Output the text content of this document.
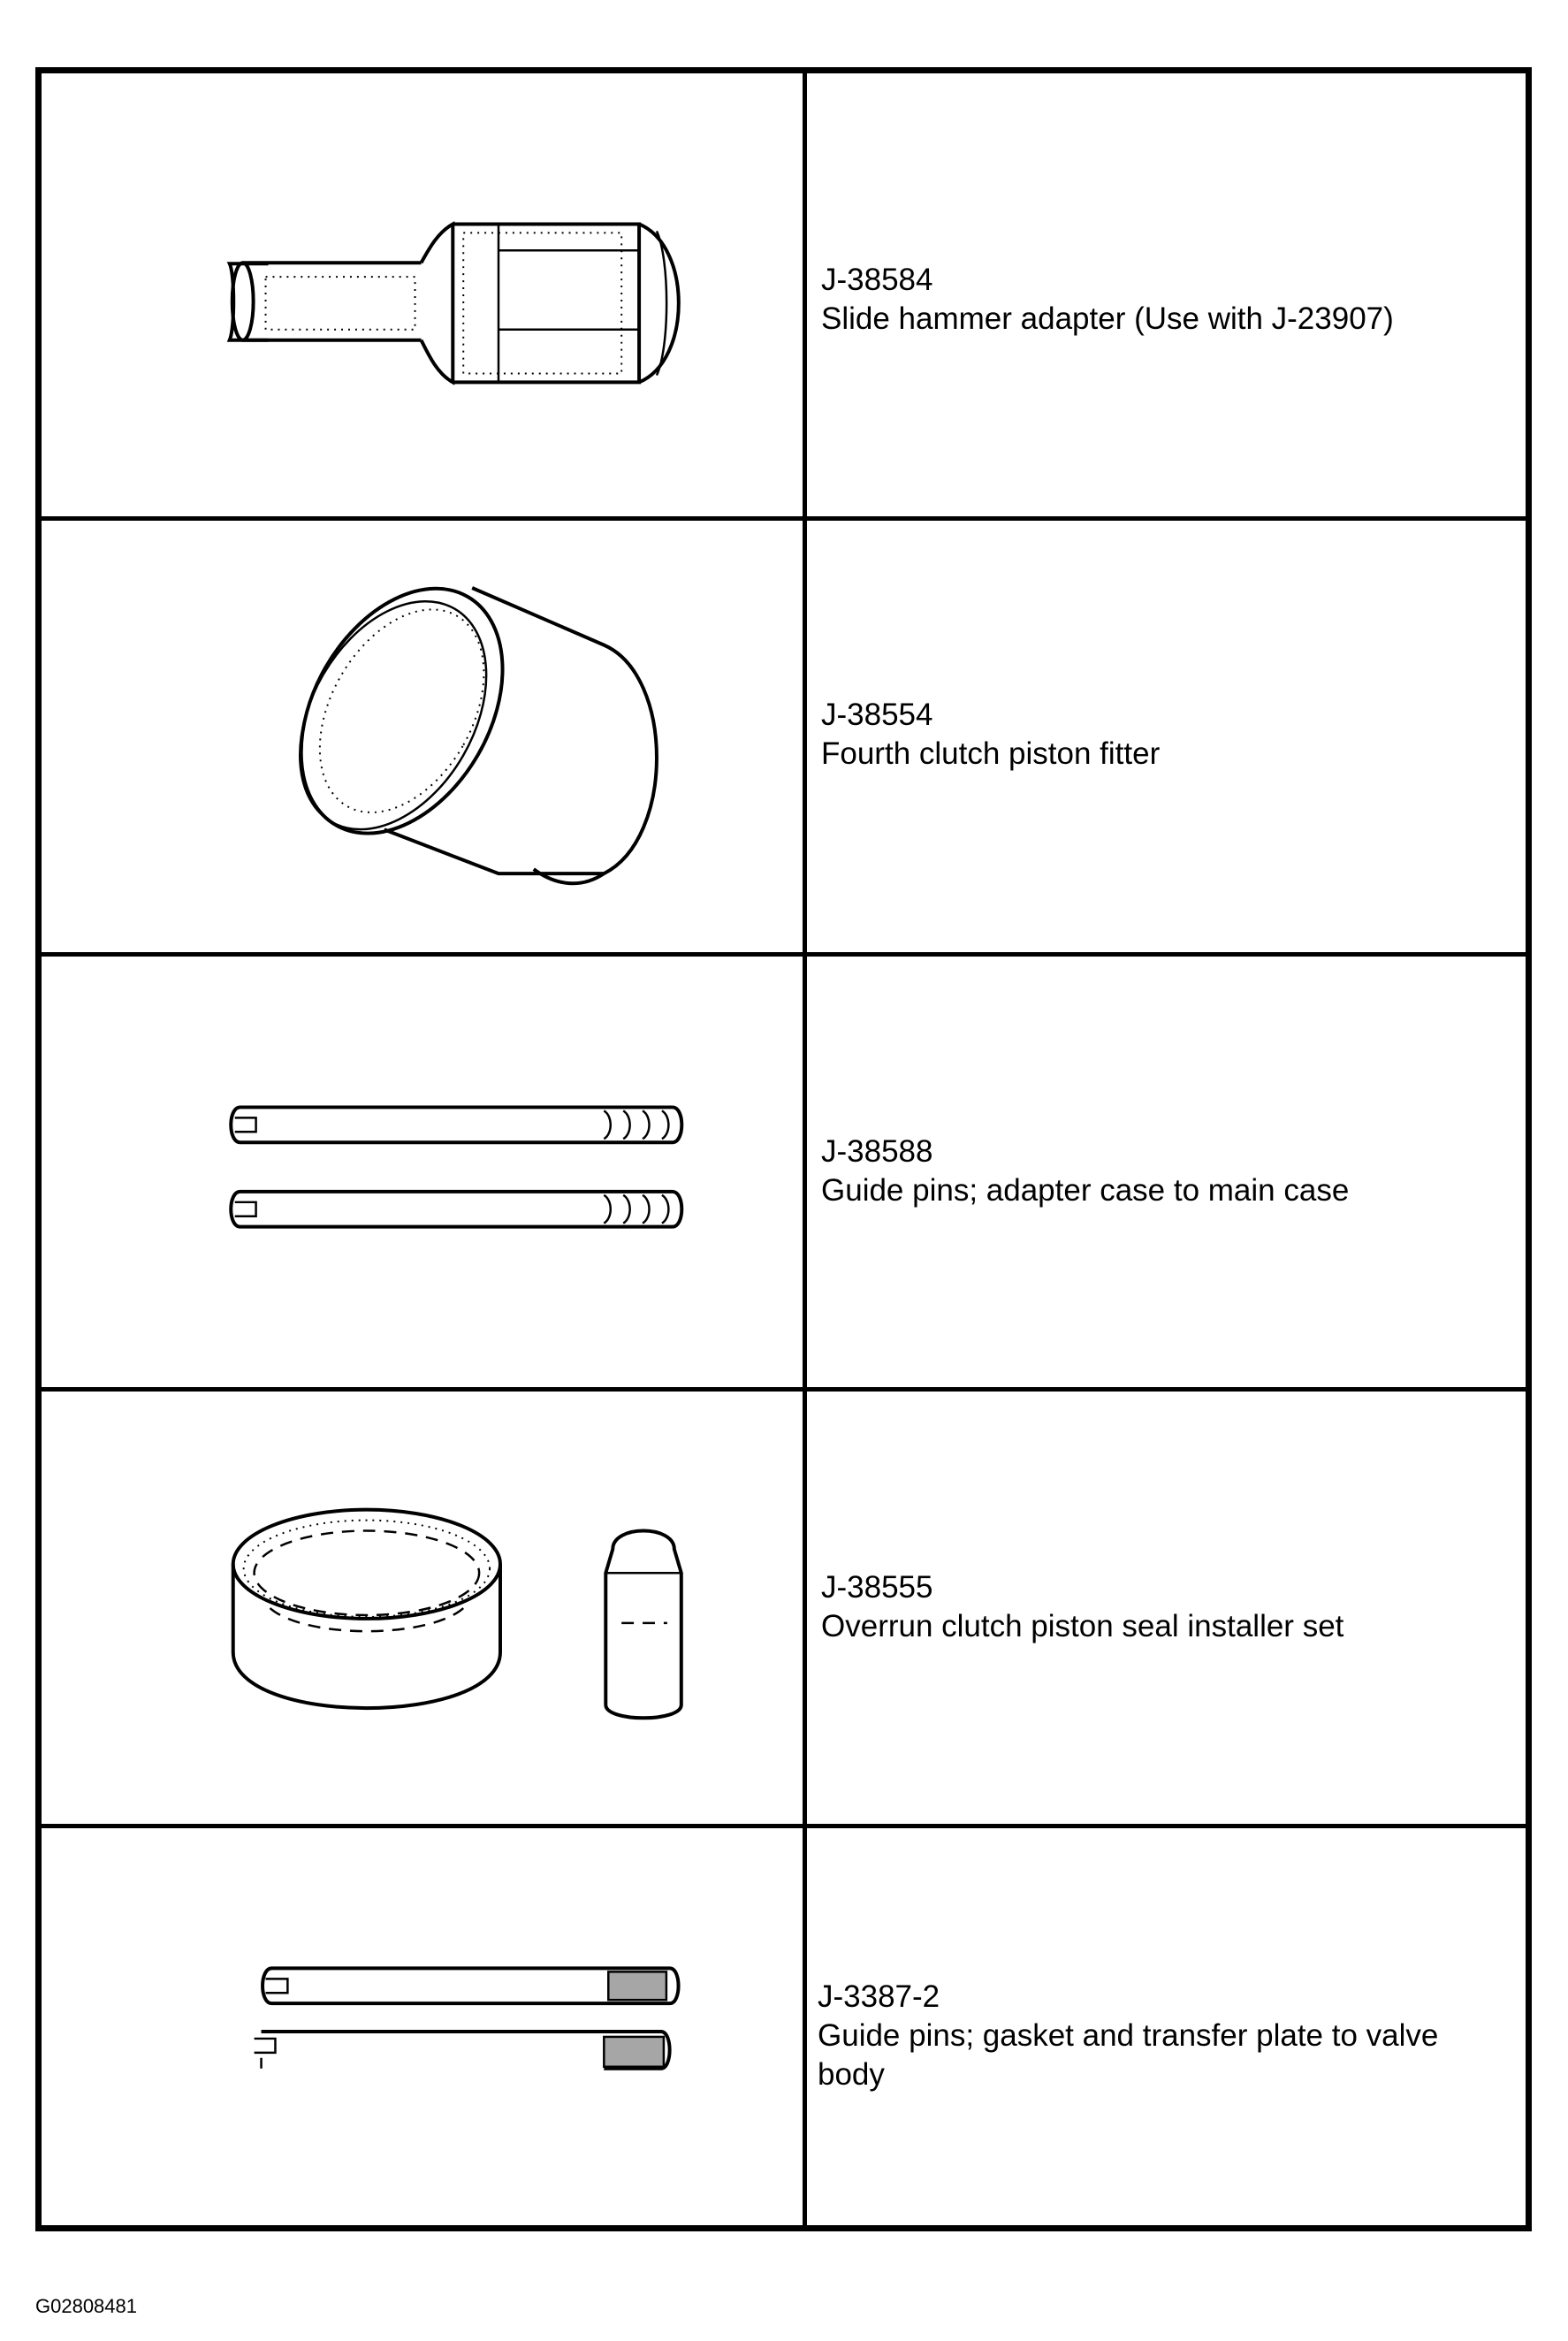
J-38584
Slide hammer adapter (Use with J-23907)
J-38554
Fourth clutch piston fitter
J-38588
Guide pins; adapter case to main case
J-38555
Overrun clutch piston seal installer set
J-3387-2
Guide pins; gasket and transfer plate to valve body
G02808481
